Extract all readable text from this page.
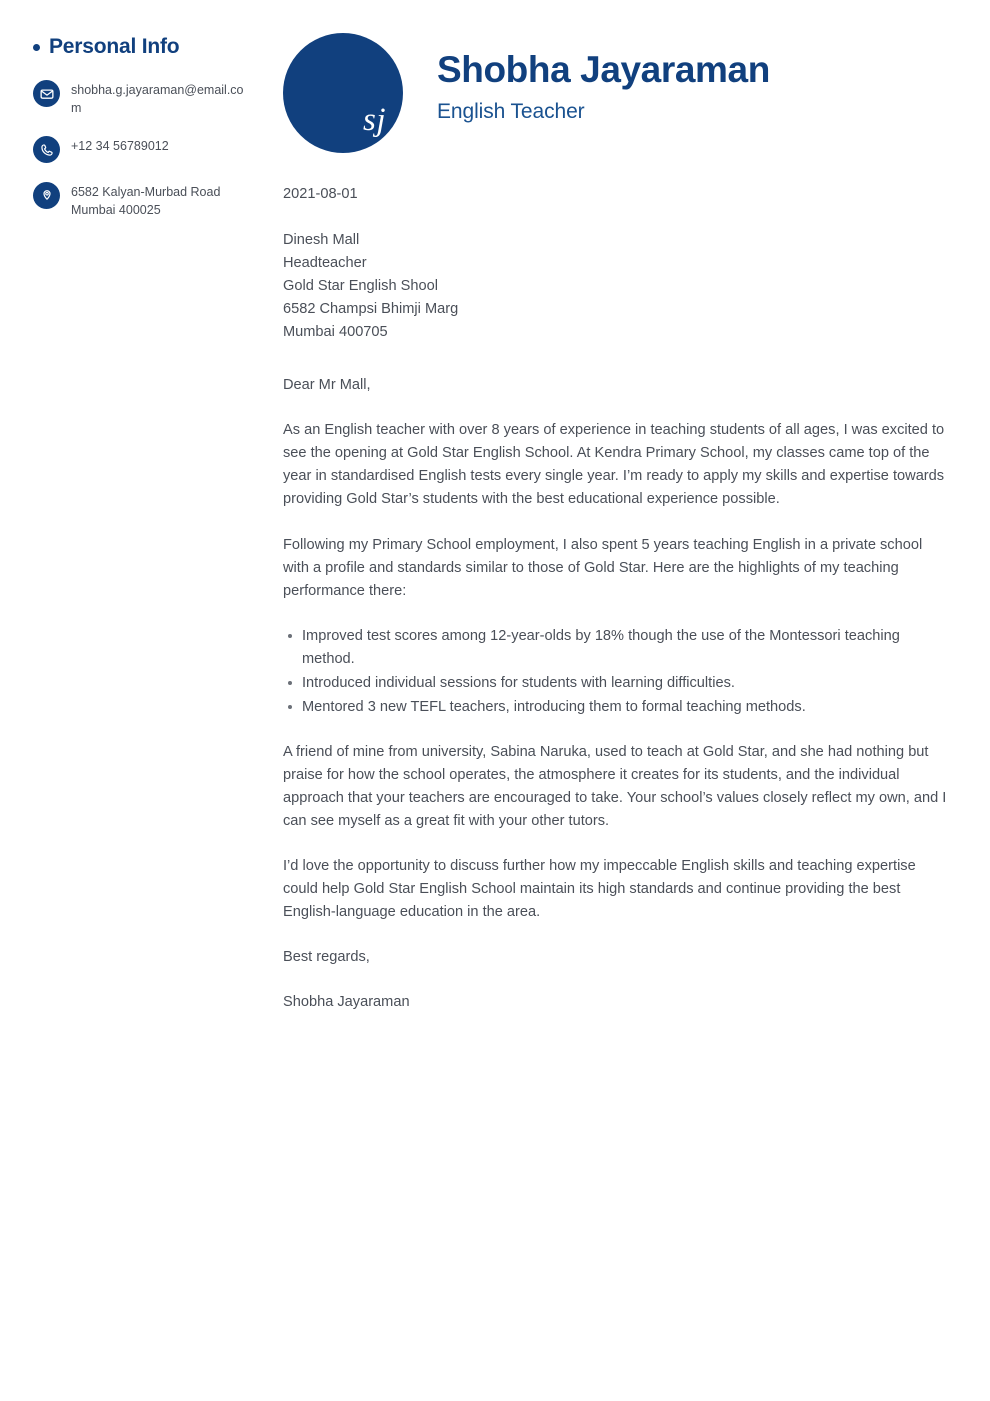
Personal Info
shobha.g.jayaraman@email.co
m
+12 34 56789012
6582 Kalyan-Murbad Road
Mumbai 400025
sj
Shobha Jayaraman
English Teacher
2021-08-01
Dinesh Mall
Headteacher
Gold Star English Shool
6582 Champsi Bhimji Marg
Mumbai 400705
Dear Mr Mall,

As an English teacher with over 8 years of experience in teaching students of all ages, I was excited to see the opening at Gold Star English School. At Kendra Primary School, my classes came top of the year in standardised English tests every single year. I’m ready to apply my skills and expertise towards providing Gold Star’s students with the best educational experience possible.

Following my Primary School employment, I also spent 5 years teaching English in a private school with a profile and standards similar to those of Gold Star. Here are the highlights of my teaching performance there:

Improved test scores among 12-year-olds by 18% though the use of the Montessori teaching method.
Introduced individual sessions for students with learning difficulties.
Mentored 3 new TEFL teachers, introducing them to formal teaching methods.

A friend of mine from university, Sabina Naruka, used to teach at Gold Star, and she had nothing but praise for how the school operates, the atmosphere it creates for its students, and the individual approach that your teachers are encouraged to take. Your school’s values closely reflect my own, and I can see myself as a great fit with your other tutors.

I’d love the opportunity to discuss further how my impeccable English skills and teaching expertise could help Gold Star English School maintain its high standards and continue providing the best English-language education in the area.

Best regards,
Shobha Jayaraman
